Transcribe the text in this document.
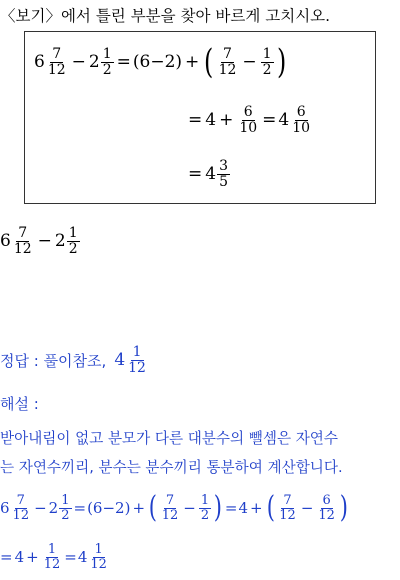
〈보기〉에서 틀린 부분을 찾아 바르게 고치시오.
$6 \frac{7}{12} - 2 \frac{1}{2} = (6-2)$ + ( $\frac{7}{12} - \frac{1}{2}$ )
= $4 + \frac{6}{10} = 4 \frac{6}{10}$
= $4 \frac{3}{5}$
$6 \frac{7}{12} - 2 \frac{1}{2}$
정답 : 풀이참조, $4 \frac{1}{12}$
해설 :
받아내림이 없고 분모가 다른 대분수의 뺄셈은 자연수
는 자연수끼리, 분수는 분수끼리 통분하여 계산합니다.
$6 \frac{7}{12} - 2 \frac{1}{2} = (6-2)$ + ( $\frac{7}{12} - \frac{1}{2}$ ) = 4 + ( $\frac{7}{12} - \frac{6}{12}$ )
= $4 + \frac{1}{12} = 4 \frac{1}{12}$
